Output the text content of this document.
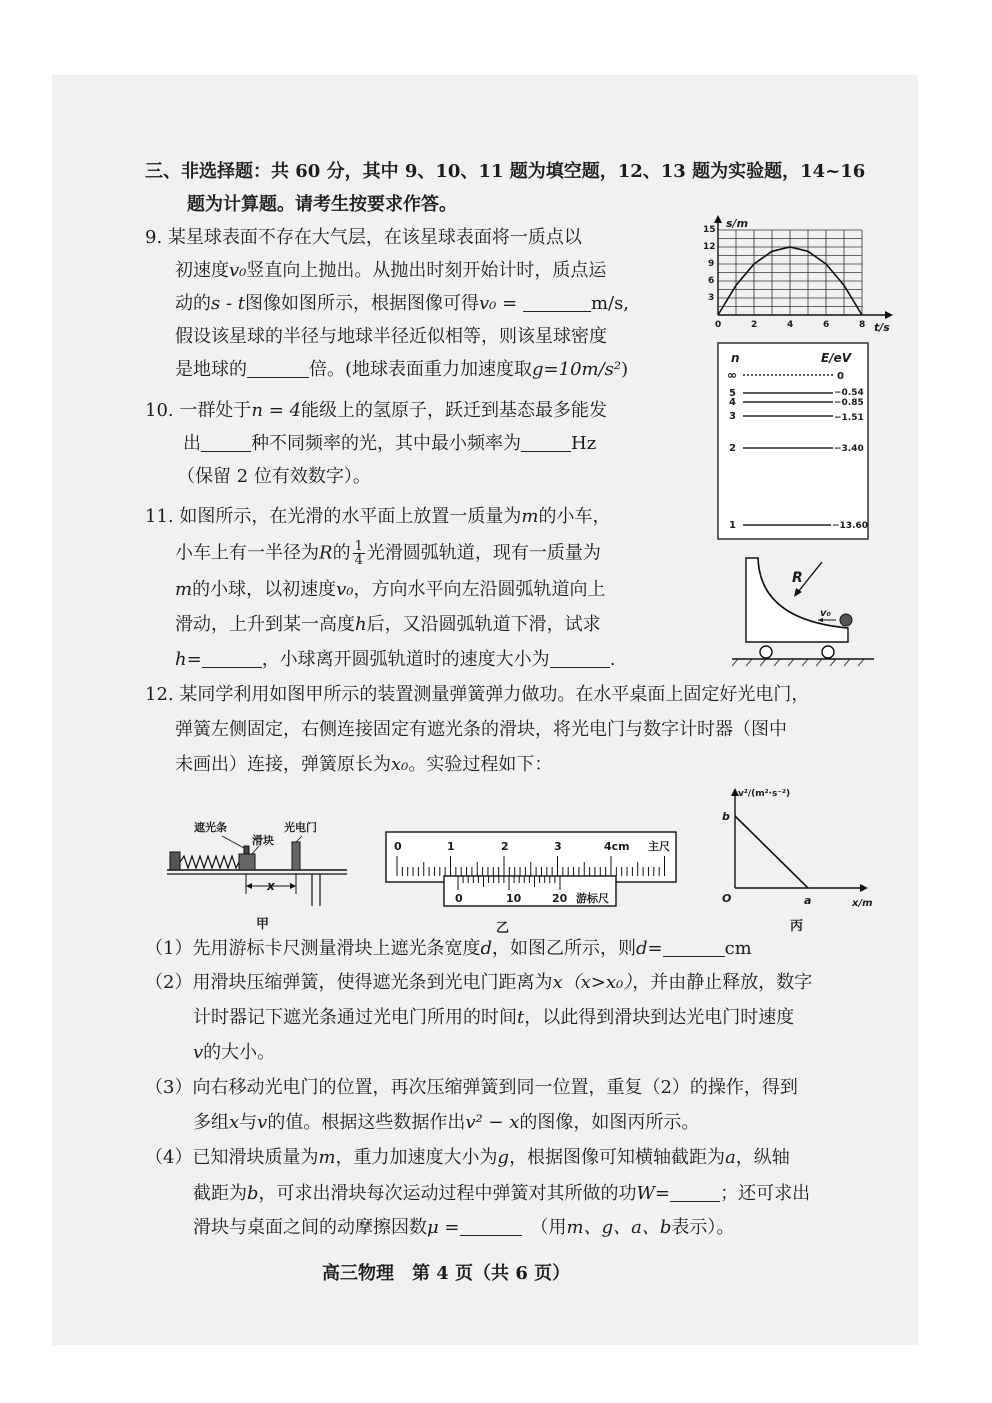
三、非选择题：共 60 分，其中 9、10、11 题为填空题，12、13 题为实验题，14~16
题为计算题。请考生按要求作答。
9. 某星球表面不存在大气层，在该星球表面将一质点以
初速度v₀竖直向上抛出。从抛出时刻开始计时，质点运
动的s - t图像如图所示，根据图像可得v₀ =	m/s,
假设该星球的半径与地球半径近似相等，则该星球密度
是地球的	倍。(地球表面重力加速度取g=10m/s²)
s/m
t/s
15
12
9
6
3
0	2	4	6	8
n	E/eV
∞	0
5	−0.54
4	−0.85
3	−1.51
2	−3.40
1	−13.60
10. 一群处于n = 4能级上的氢原子，跃迁到基态最多能发
出	种不同频率的光，其中最小频率为	Hz
（保留 2 位有效数字）。
11. 如图所示，在光滑的水平面上放置一质量为m的小车，
小车上有一半径为R的 $\frac{1}{4}$ 光滑圆弧轨道，现有一质量为
m的小球，以初速度v₀，方向水平向左沿圆弧轨道向上
滑动，上升到某一高度h后，又沿圆弧轨道下滑，试求
h=	，小球离开圆弧轨道时的速度大小为	.
R
v₀
12. 某同学利用如图甲所示的装置测量弹簧弹力做功。在水平桌面上固定好光电门，
弹簧左侧固定，右侧连接固定有遮光条的滑块，将光电门与数字计时器（图中
未画出）连接，弹簧原长为x₀。实验过程如下：
遮光条
滑块
光电门
x
甲
0	1	2	3	4cm 主尺
0	10	20 游标尺
乙
v²/(m²·s⁻²)
x/m
b
a
O
丙
（1）先用游标卡尺测量滑块上遮光条宽度d，如图乙所示，则d=	cm
（2）用滑块压缩弹簧，使得遮光条到光电门距离为x（x>x₀），并由静止释放，数字
计时器记下遮光条通过光电门所用的时间t，以此得到滑块到达光电门时速度
v的大小。
（3）向右移动光电门的位置，再次压缩弹簧到同一位置，重复（2）的操作，得到
多组x与v的值。根据这些数据作出v² − x的图像，如图丙所示。
（4）已知滑块质量为m，重力加速度大小为g，根据图像可知横轴截距为a，纵轴
截距为b，可求出滑块每次运动过程中弹簧对其所做的功W=	；还可求出
滑块与桌面之间的动摩擦因数μ =　	（用m、g、a、b表示）。
高三物理　第 4 页（共 6 页）
